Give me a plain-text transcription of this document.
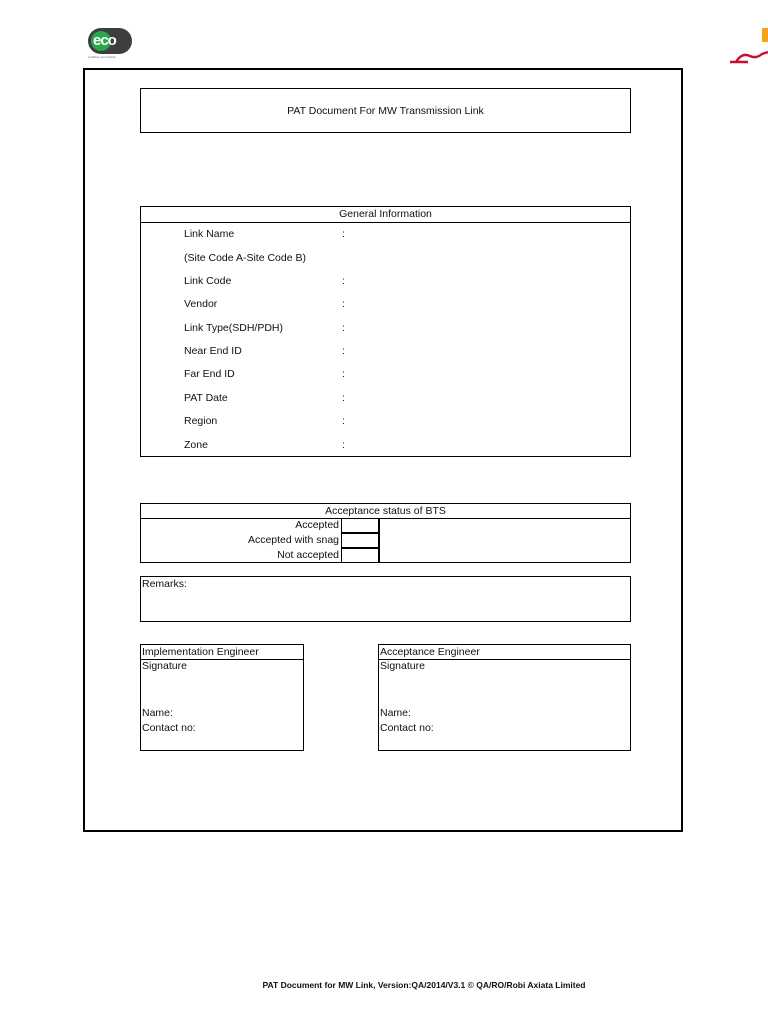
eco
enabling connectivity
PAT Document For MW Transmission Link
General Information
Link Name	:
(Site Code A-Site Code B)
Link Code	:
Vendor	:
Link Type(SDH/PDH)	:
Near End ID	:
Far End ID	:
PAT Date	:
Region	:
Zone	:
Acceptance status of BTS
Accepted
Accepted with snag
Not accepted
Remarks:
Implementation Engineer
Signature
Name:
Contact no:
Acceptance Engineer
Signature
Name:
Contact no:
PAT Document for MW Link, Version:QA/2014/V3.1 © QA/RO/Robi Axiata Limited
